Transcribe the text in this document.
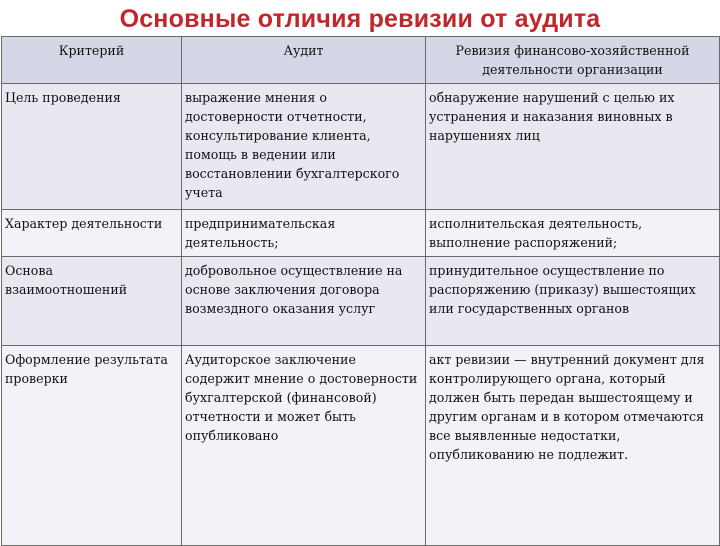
Основные отличия ревизии от аудита
Критерий	Аудит	Ревизия финансово-хозяйственной деятельности организации
Цель проведения	выражение мнения о достоверности отчетности, консультирование клиента, помощь в ведении или восстановлении бухгалтерского учета	обнаружение нарушений с целью их устранения и наказания виновных в нарушениях лиц
Характер деятельности	предпринимательская деятельность;	исполнительская деятельность, выполнение распоряжений;
Основа взаимоотношений	добровольное осуществление на основе заключения договора возмездного оказания услуг	принудительное осуществление по распоряжению (приказу) вышестоящих или государственных органов
Оформление результата проверки	Аудиторское заключение содержит мнение о достоверности бухгалтерской (финансовой) отчетности и может быть опубликовано	акт ревизии — внутренний документ для контролирующего органа, который должен быть передан вышестоящему и другим органам и в котором отмечаются все выявленные недостатки, опубликованию не подлежит.
